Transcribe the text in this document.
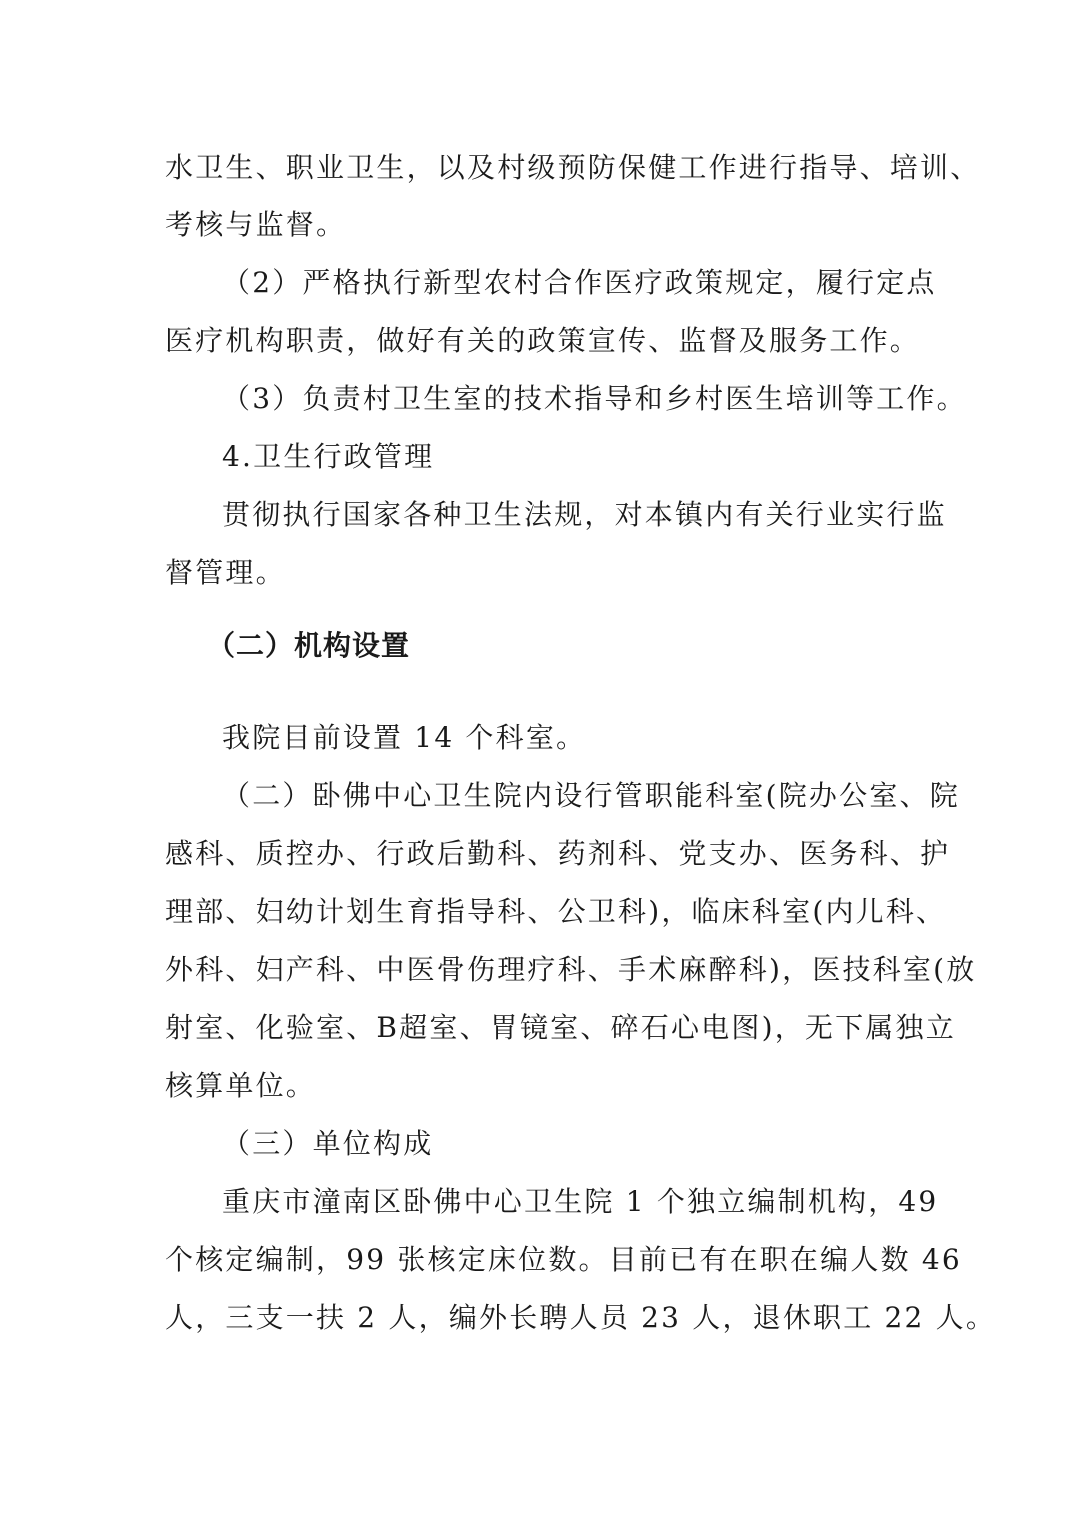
水卫生、职业卫生，以及村级预防保健工作进行指导、培训、
考核与监督。
（2）严格执行新型农村合作医疗政策规定，履行定点
医疗机构职责，做好有关的政策宣传、监督及服务工作。
（3）负责村卫生室的技术指导和乡村医生培训等工作。
4.卫生行政管理
贯彻执行国家各种卫生法规，对本镇内有关行业实行监
督管理。
（二）机构设置
我院目前设置 14 个科室。
（二）卧佛中心卫生院内设行管职能科室(院办公室、院
感科、质控办、行政后勤科、药剂科、党支办、医务科、护
理部、妇幼计划生育指导科、公卫科)，临床科室(内儿科、
外科、妇产科、中医骨伤理疗科、手术麻醉科)，医技科室(放
射室、化验室、B超室、胃镜室、碎石心电图)，无下属独立
核算单位。
（三）单位构成
重庆市潼南区卧佛中心卫生院 1 个独立编制机构，49
个核定编制，99 张核定床位数。目前已有在职在编人数 46
人，三支一扶 2 人，编外长聘人员 23 人，退休职工 22 人。
